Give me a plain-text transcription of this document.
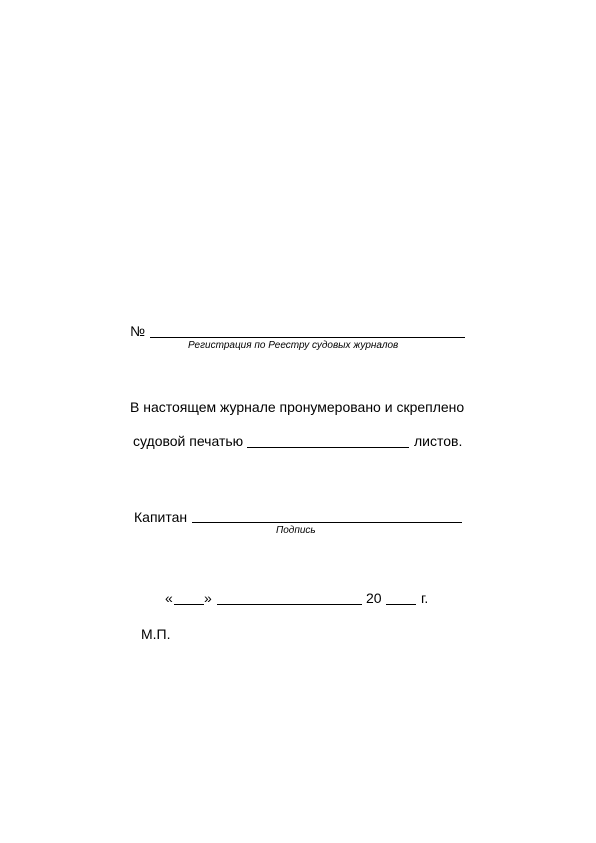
№
Регистрация по Реестру судовых журналов
В настоящем журнале пронумеровано и скреплено
судовой печатью	листов.
Капитан
Подпись
« »	20	г.
М.П.
